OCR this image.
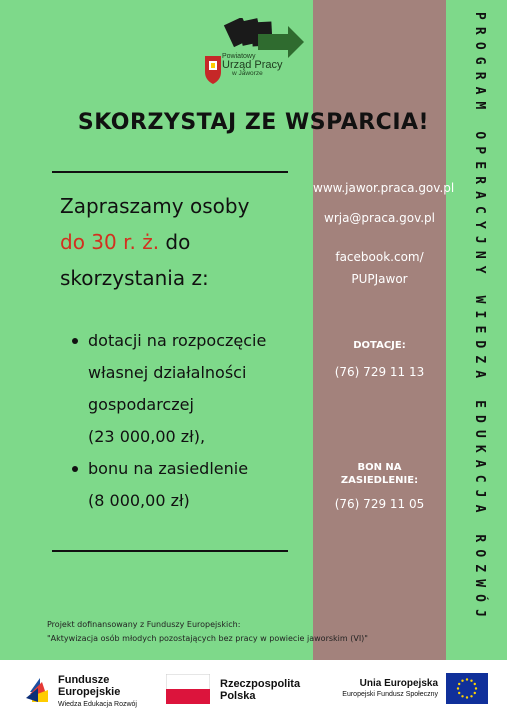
Powiatowy
Urząd Pracy
w Jaworze
SKORZYSTAJ ZE WSPARCIA!
Zapraszamy osoby
do 30 r. ż. do
skorzystania z:
dotacji na rozpoczęcie
własnej działalności
gospodarczej
(23 000,00 zł),
bonu na zasiedlenie
(8 000,00 zł)
www.jawor.praca.gov.pl
wrja@praca.gov.pl
facebook.com/
PUPJawor
DOTACJE:
(76) 729 11 13
BON NA
ZASIEDLENIE:
(76) 729 11 05	PROGRAM OPERACYJNY WIEDZA EDUKACJA ROZWÓJ
Projekt dofinansowany z Funduszy Europejskich:
"Aktywizacja osób młodych pozostających bez pracy w powiecie jaworskim (VI)"
Fundusze
Europejskie
Wiedza Edukacja Rozwój
Rzeczpospolita
Polska
Unia Europejska
Europejski Fundusz Społeczny
